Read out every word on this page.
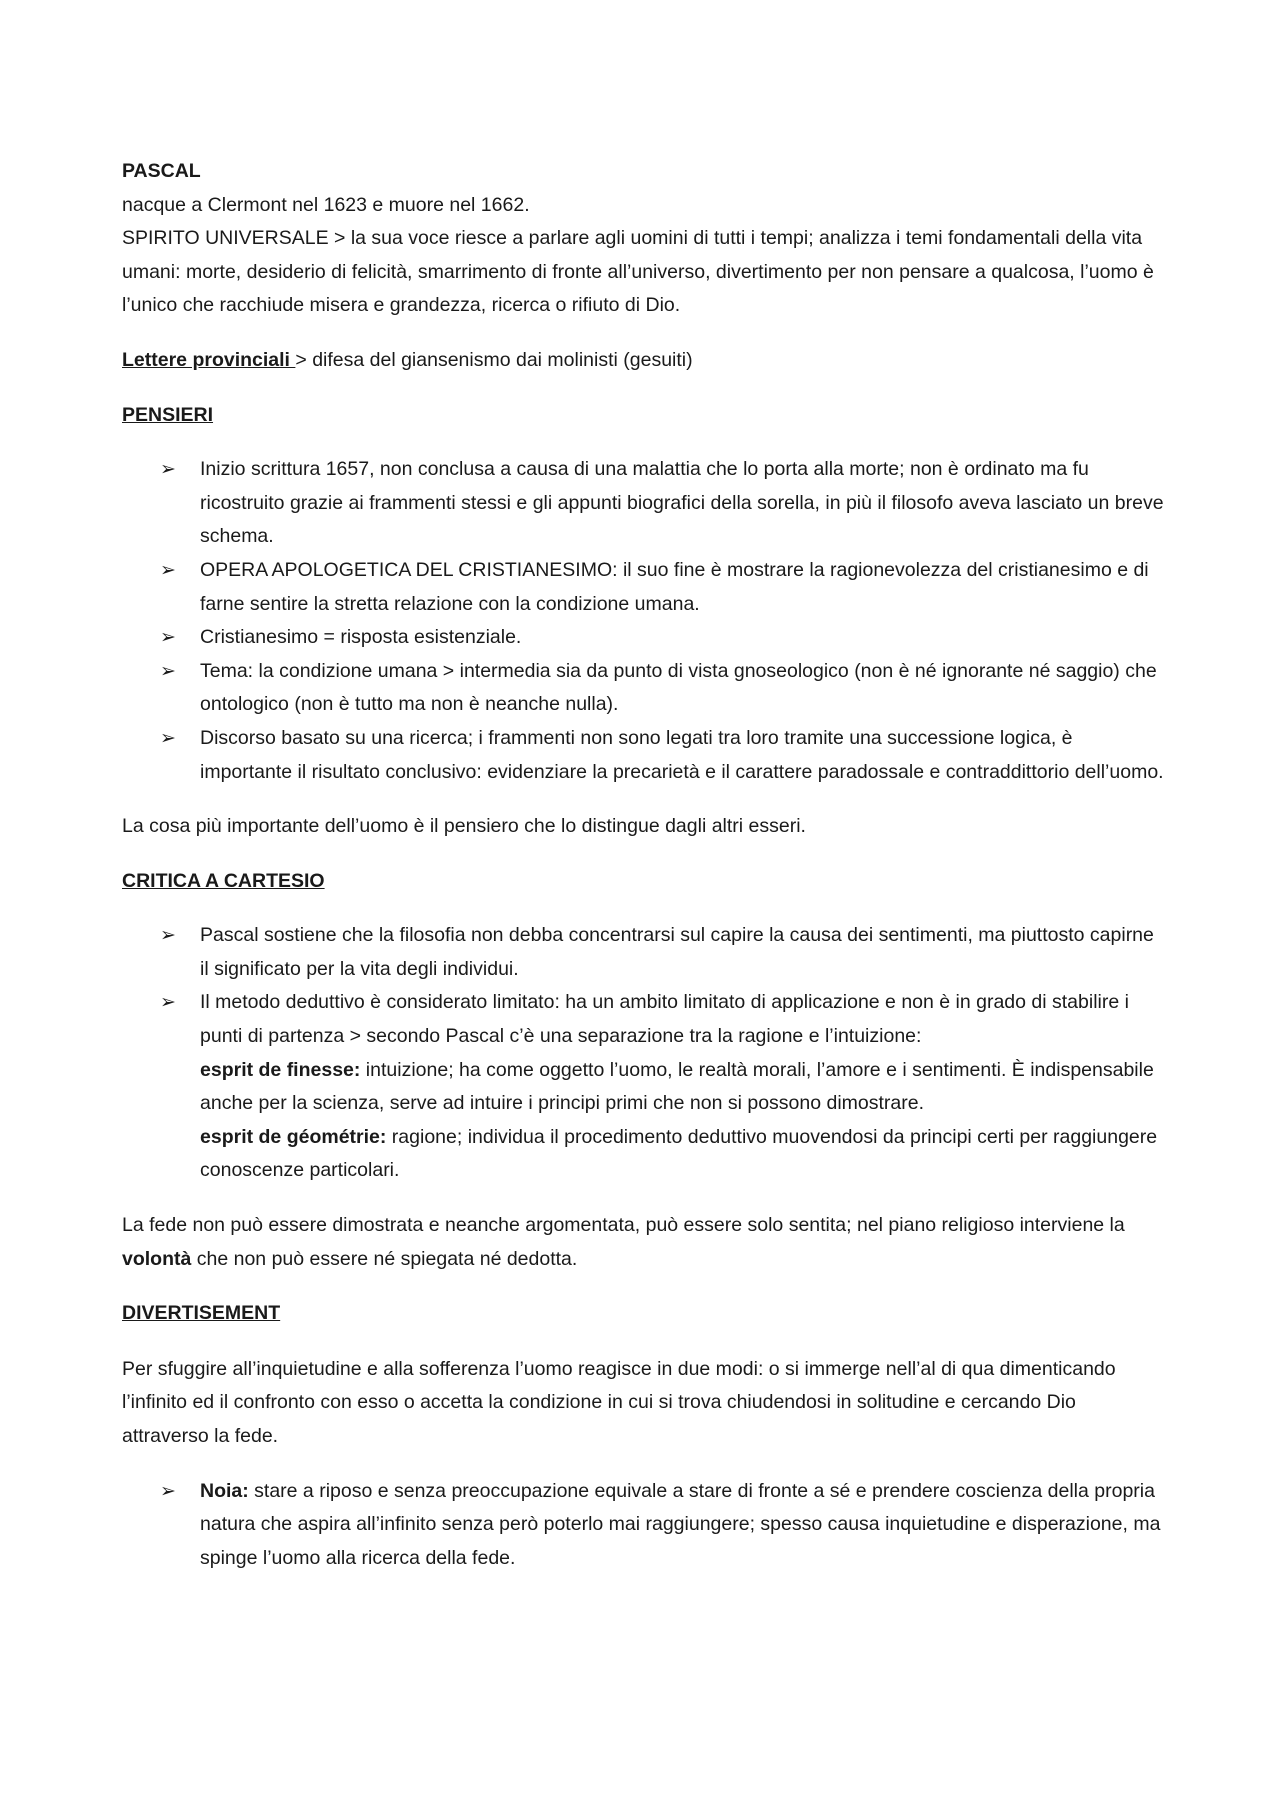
PASCAL

nacque a Clermont nel 1623 e muore nel 1662.

SPIRITO UNIVERSALE > la sua voce riesce a parlare agli uomini di tutti i tempi; analizza i temi fondamentali della vita umani: morte, desiderio di felicità, smarrimento di fronte all’universo, divertimento per non pensare a qualcosa, l’uomo è l’unico che racchiude misera e grandezza, ricerca o rifiuto di Dio.

Lettere provinciali > difesa del giansenismo dai molinisti (gesuiti)

PENSIERI

➢ Inizio scrittura 1657, non conclusa a causa di una malattia che lo porta alla morte; non è ordinato ma fu ricostruito grazie ai frammenti stessi e gli appunti biografici della sorella, in più il filosofo aveva lasciato un breve schema.
➢ OPERA APOLOGETICA DEL CRISTIANESIMO: il suo fine è mostrare la ragionevolezza del cristianesimo e di farne sentire la stretta relazione con la condizione umana.
➢ Cristianesimo = risposta esistenziale.
➢ Tema: la condizione umana > intermedia sia da punto di vista gnoseologico (non è né ignorante né saggio) che ontologico (non è tutto ma non è neanche nulla).
➢ Discorso basato su una ricerca; i frammenti non sono legati tra loro tramite una successione logica, è importante il risultato conclusivo: evidenziare la precarietà e il carattere paradossale e contraddittorio dell’uomo.

La cosa più importante dell’uomo è il pensiero che lo distingue dagli altri esseri.

CRITICA A CARTESIO

➢ Pascal sostiene che la filosofia non debba concentrarsi sul capire la causa dei sentimenti, ma piuttosto capirne il significato per la vita degli individui.
➢ Il metodo deduttivo è considerato limitato: ha un ambito limitato di applicazione e non è in grado di stabilire i punti di partenza > secondo Pascal c’è una separazione tra la ragione e l’intuizione:
esprit de finesse: intuizione; ha come oggetto l’uomo, le realtà morali, l’amore e i sentimenti. È indispensabile anche per la scienza, serve ad intuire i principi primi che non si possono dimostrare.
esprit de géométrie: ragione; individua il procedimento deduttivo muovendosi da principi certi per raggiungere conoscenze particolari.

La fede non può essere dimostrata e neanche argomentata, può essere solo sentita; nel piano religioso interviene la volontà che non può essere né spiegata né dedotta.

DIVERTISEMENT

Per sfuggire all’inquietudine e alla sofferenza l’uomo reagisce in due modi: o si immerge nell’al di qua dimenticando l’infinito ed il confronto con esso o accetta la condizione in cui si trova chiudendosi in solitudine e cercando Dio attraverso la fede.

➢ Noia: stare a riposo e senza preoccupazione equivale a stare di fronte a sé e prendere coscienza della propria natura che aspira all’infinito senza però poterlo mai raggiungere; spesso causa inquietudine e disperazione, ma spinge l’uomo alla ricerca della fede.
